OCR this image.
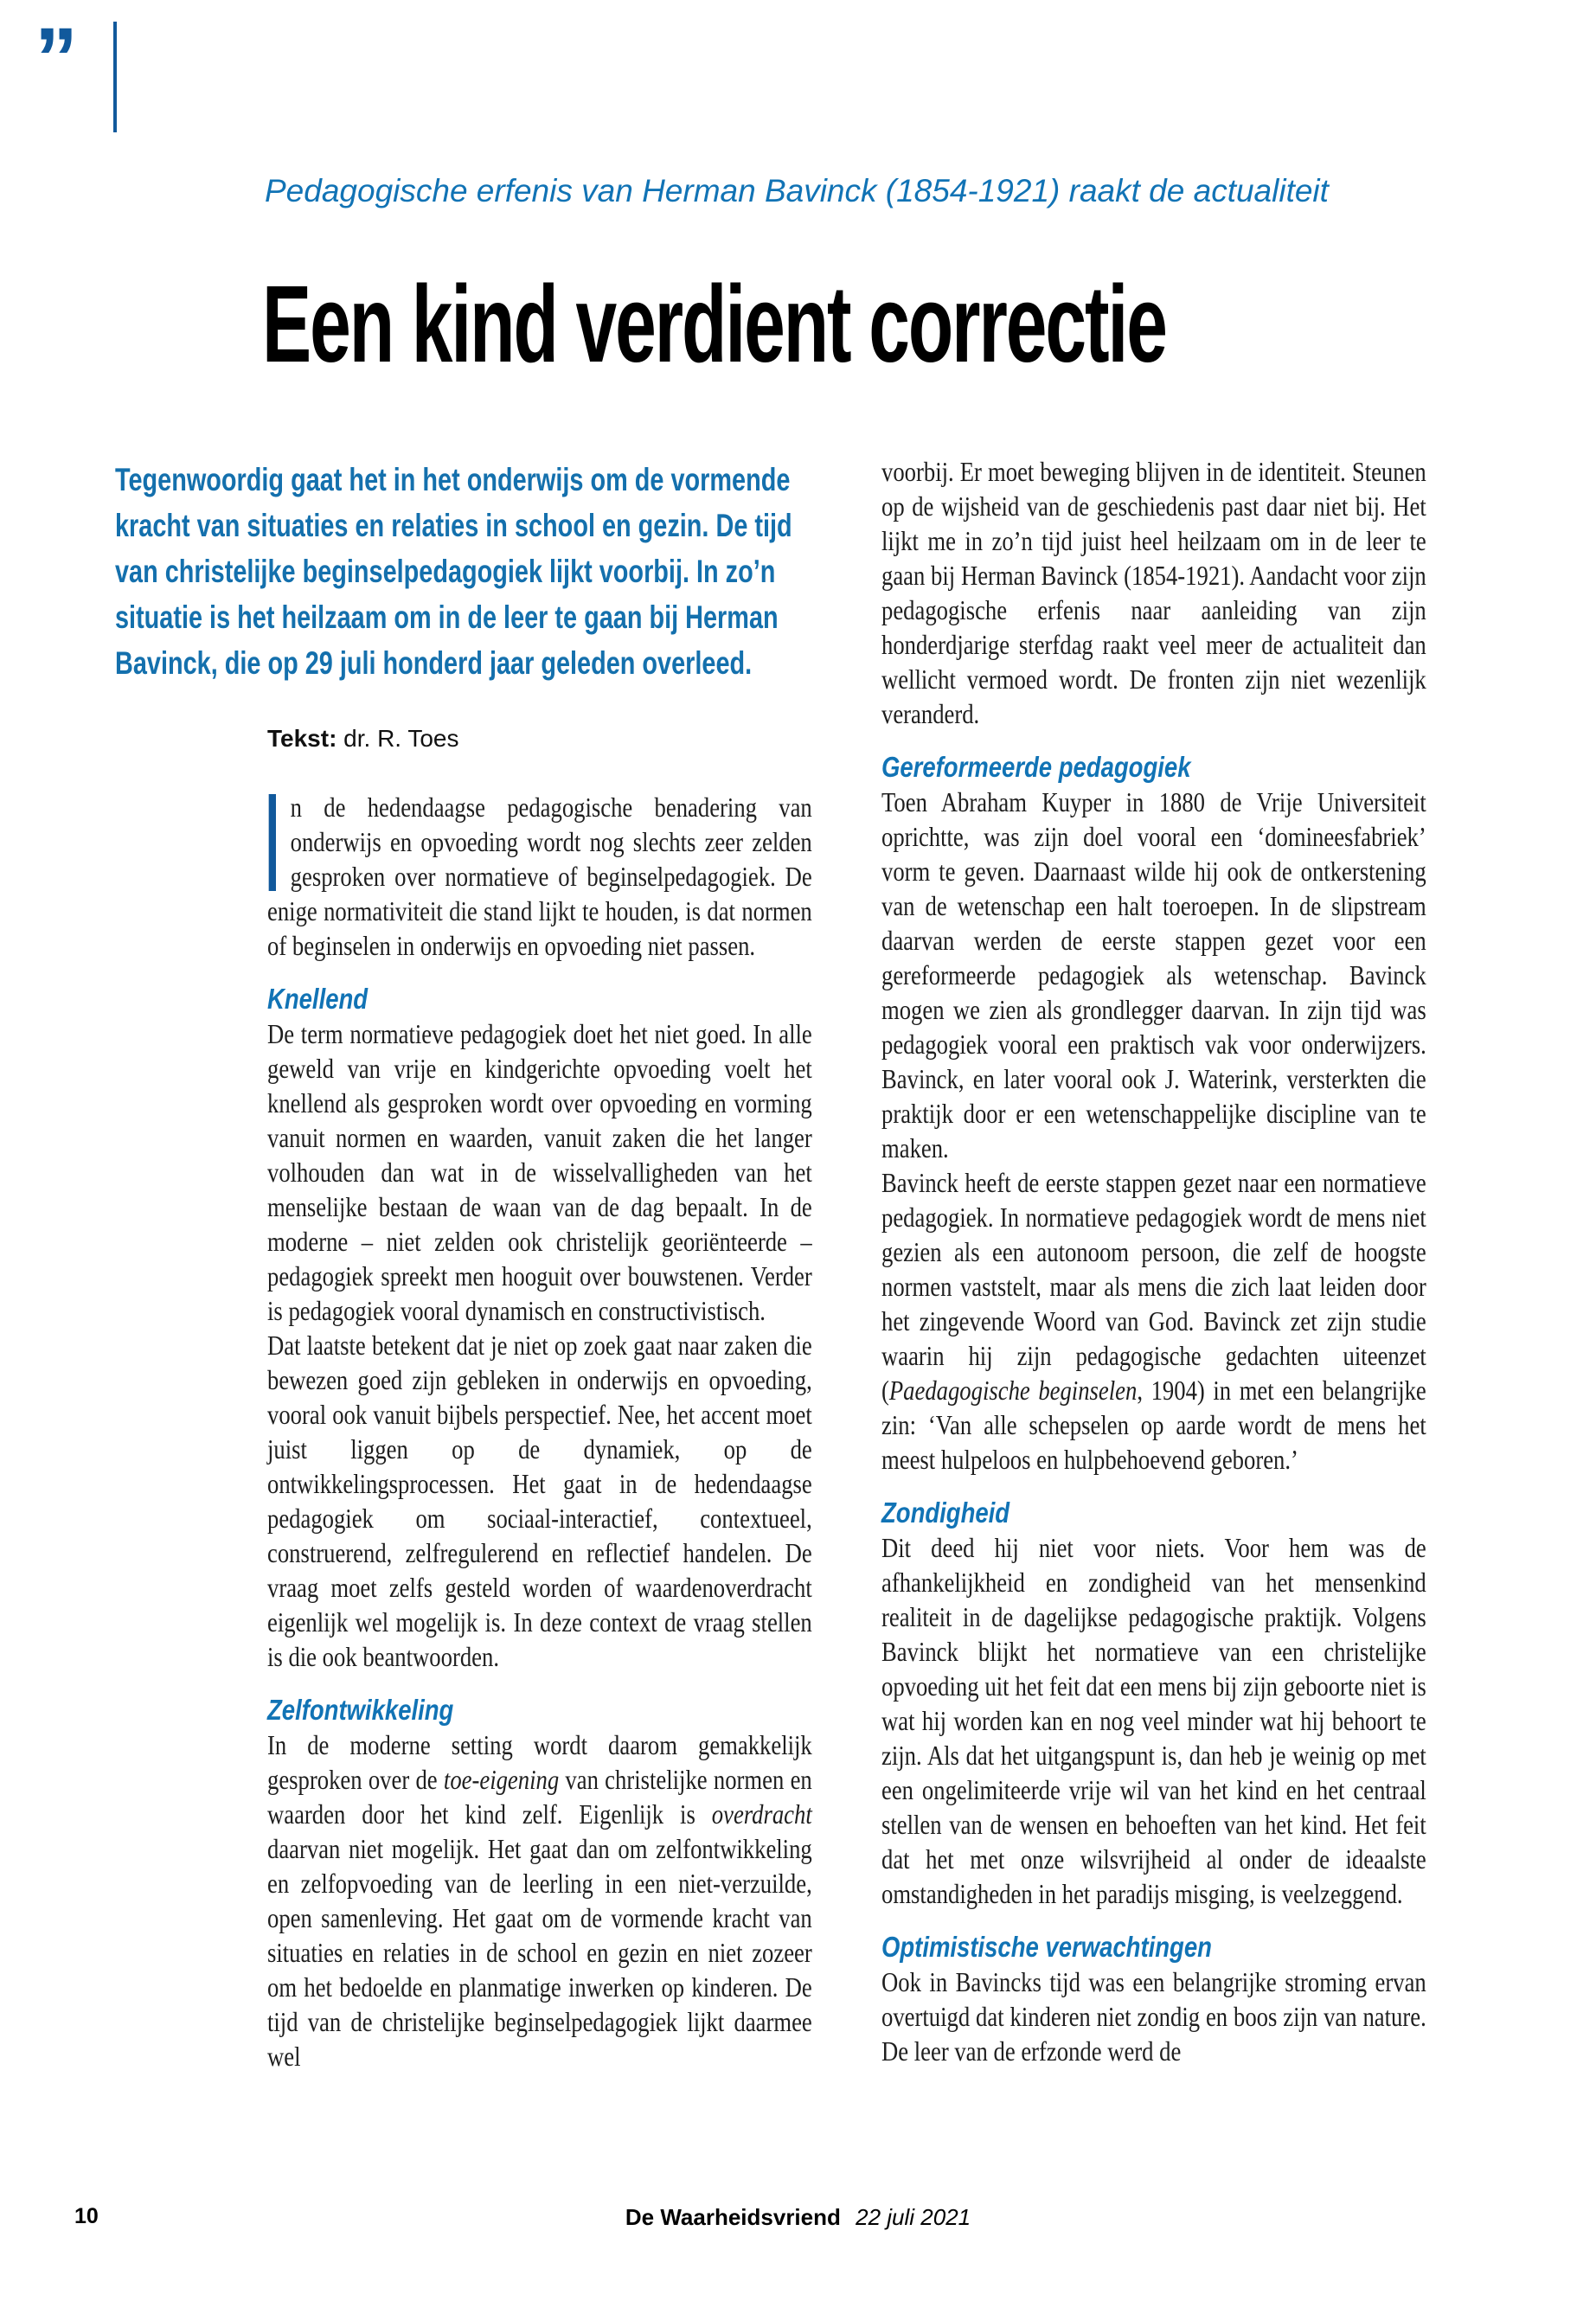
”
Pedagogische erfenis van Herman Bavinck (1854-1921) raakt de actualiteit
Een kind verdient correctie

Tegenwoordig gaat het in het onderwijs om de vormende kracht van situaties en relaties in school en gezin. De tijd van christelijke beginselpedagogiek lijkt voorbij. In zo’n situatie is het heilzaam om in de leer te gaan bij Herman Bavinck, die op 29 juli honderd jaar geleden overleed.

Tekst: dr. R. Toes

n de hedendaagse pedagogische benadering van onderwijs en opvoeding wordt nog slechts zeer zelden gesproken over normatieve of beginselpedagogiek. De enige normativiteit die stand lijkt te houden, is dat normen of beginselen in onderwijs en opvoeding niet passen.

Knellend

De term normatieve pedagogiek doet het niet goed. In alle geweld van vrije en kindgerichte opvoeding voelt het knellend als gesproken wordt over opvoeding en vorming vanuit normen en waarden, vanuit zaken die het langer volhouden dan wat in de wisselvalligheden van het menselijke bestaan de waan van de dag bepaalt. In de moderne – niet zelden ook christelijk georiënteerde – pedagogiek spreekt men hooguit over bouwstenen. Verder is pedagogiek vooral dynamisch en constructivistisch.

Dat laatste betekent dat je niet op zoek gaat naar zaken die bewezen goed zijn gebleken in onderwijs en opvoeding, vooral ook vanuit bijbels perspectief. Nee, het accent moet juist liggen op de dynamiek, op de ontwikkelingsprocessen. Het gaat in de hedendaagse pedagogiek om sociaal-interactief, contextueel, construerend, zelfregulerend en reflectief handelen. De vraag moet zelfs gesteld worden of waardenoverdracht eigenlijk wel mogelijk is. In deze context de vraag stellen is die ook beantwoorden.

Zelfontwikkeling

In de moderne setting wordt daarom gemakkelijk gesproken over de toe-eigening van christelijke normen en waarden door het kind zelf. Eigenlijk is overdracht daarvan niet mogelijk. Het gaat dan om zelfontwikkeling en zelfopvoeding van de leerling in een niet-verzuilde, open samenleving. Het gaat om de vormende kracht van situaties en relaties in de school en gezin en niet zozeer om het bedoelde en planmatige inwerken op kinderen. De tijd van de christelijke beginselpedagogiek lijkt daarmee wel

voorbij. Er moet beweging blijven in de identiteit. Steunen op de wijsheid van de geschiedenis past daar niet bij. Het lijkt me in zo’n tijd juist heel heilzaam om in de leer te gaan bij Herman Bavinck (1854-1921). Aandacht voor zijn pedagogische erfenis naar aanleiding van zijn honderdjarige sterfdag raakt veel meer de actualiteit dan wellicht vermoed wordt. De fronten zijn niet wezenlijk veranderd.

Gereformeerde pedagogiek

Toen Abraham Kuyper in 1880 de Vrije Universiteit oprichtte, was zijn doel vooral een ‘domineesfabriek’ vorm te geven. Daarnaast wilde hij ook de ontkerstening van de wetenschap een halt toeroepen. In de slipstream daarvan werden de eerste stappen gezet voor een gereformeerde pedagogiek als wetenschap. Bavinck mogen we zien als grondlegger daarvan. In zijn tijd was pedagogiek vooral een praktisch vak voor onderwijzers. Bavinck, en later vooral ook J. Waterink, versterkten die praktijk door er een wetenschappelijke discipline van te maken.

Bavinck heeft de eerste stappen gezet naar een normatieve pedagogiek. In normatieve pedagogiek wordt de mens niet gezien als een autonoom persoon, die zelf de hoogste normen vaststelt, maar als mens die zich laat leiden door het zingevende Woord van God. Bavinck zet zijn studie waarin hij zijn pedagogische gedachten uiteenzet (Paedagogische beginselen, 1904) in met een belangrijke zin: ‘Van alle schepselen op aarde wordt de mens het meest hulpeloos en hulpbehoevend geboren.’

Zondigheid

Dit deed hij niet voor niets. Voor hem was de afhankelijkheid en zondigheid van het mensenkind realiteit in de dagelijkse pedagogische praktijk. Volgens Bavinck blijkt het normatieve van een christelijke opvoeding uit het feit dat een mens bij zijn geboorte niet is wat hij worden kan en nog veel minder wat hij behoort te zijn. Als dat het uitgangspunt is, dan heb je weinig op met een ongelimiteerde vrije wil van het kind en het centraal stellen van de wensen en behoeften van het kind. Het feit dat het met onze wilsvrijheid al onder de ideaalste omstandigheden in het paradijs misging, is veelzeggend.

Optimistische verwachtingen

Ook in Bavincks tijd was een belangrijke stroming ervan overtuigd dat kinderen niet zondig en boos zijn van nature. De leer van de erfzonde werd de

10	De Waarheidsvriend 22 juli 2021
